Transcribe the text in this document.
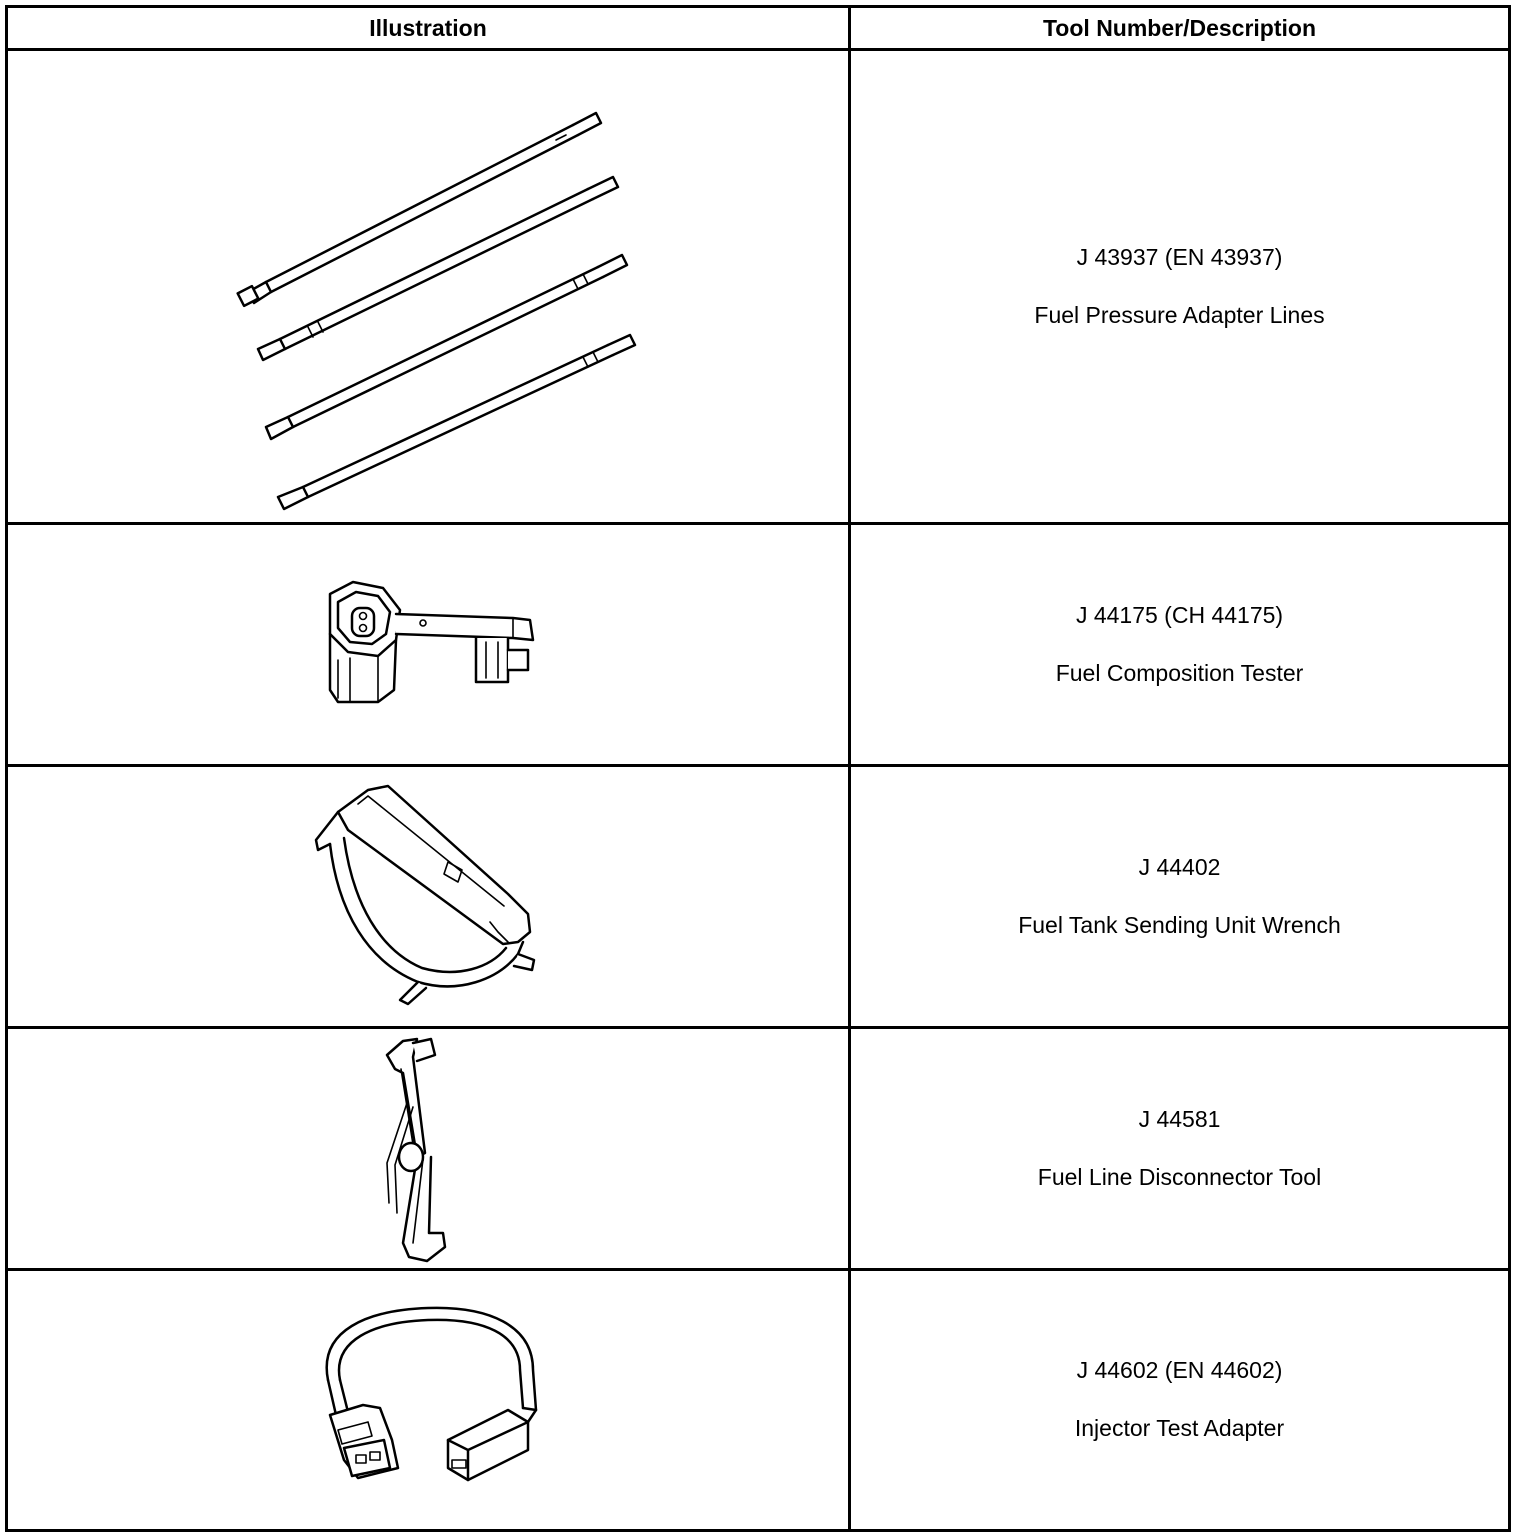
Illustration	Tool Number/Description

J 43937 (EN 43937)
Fuel Pressure Adapter Lines

J 44175 (CH 44175)
Fuel Composition Tester

J 44402
Fuel Tank Sending Unit Wrench

J 44581
Fuel Line Disconnector Tool

J 44602 (EN 44602)
Injector Test Adapter
